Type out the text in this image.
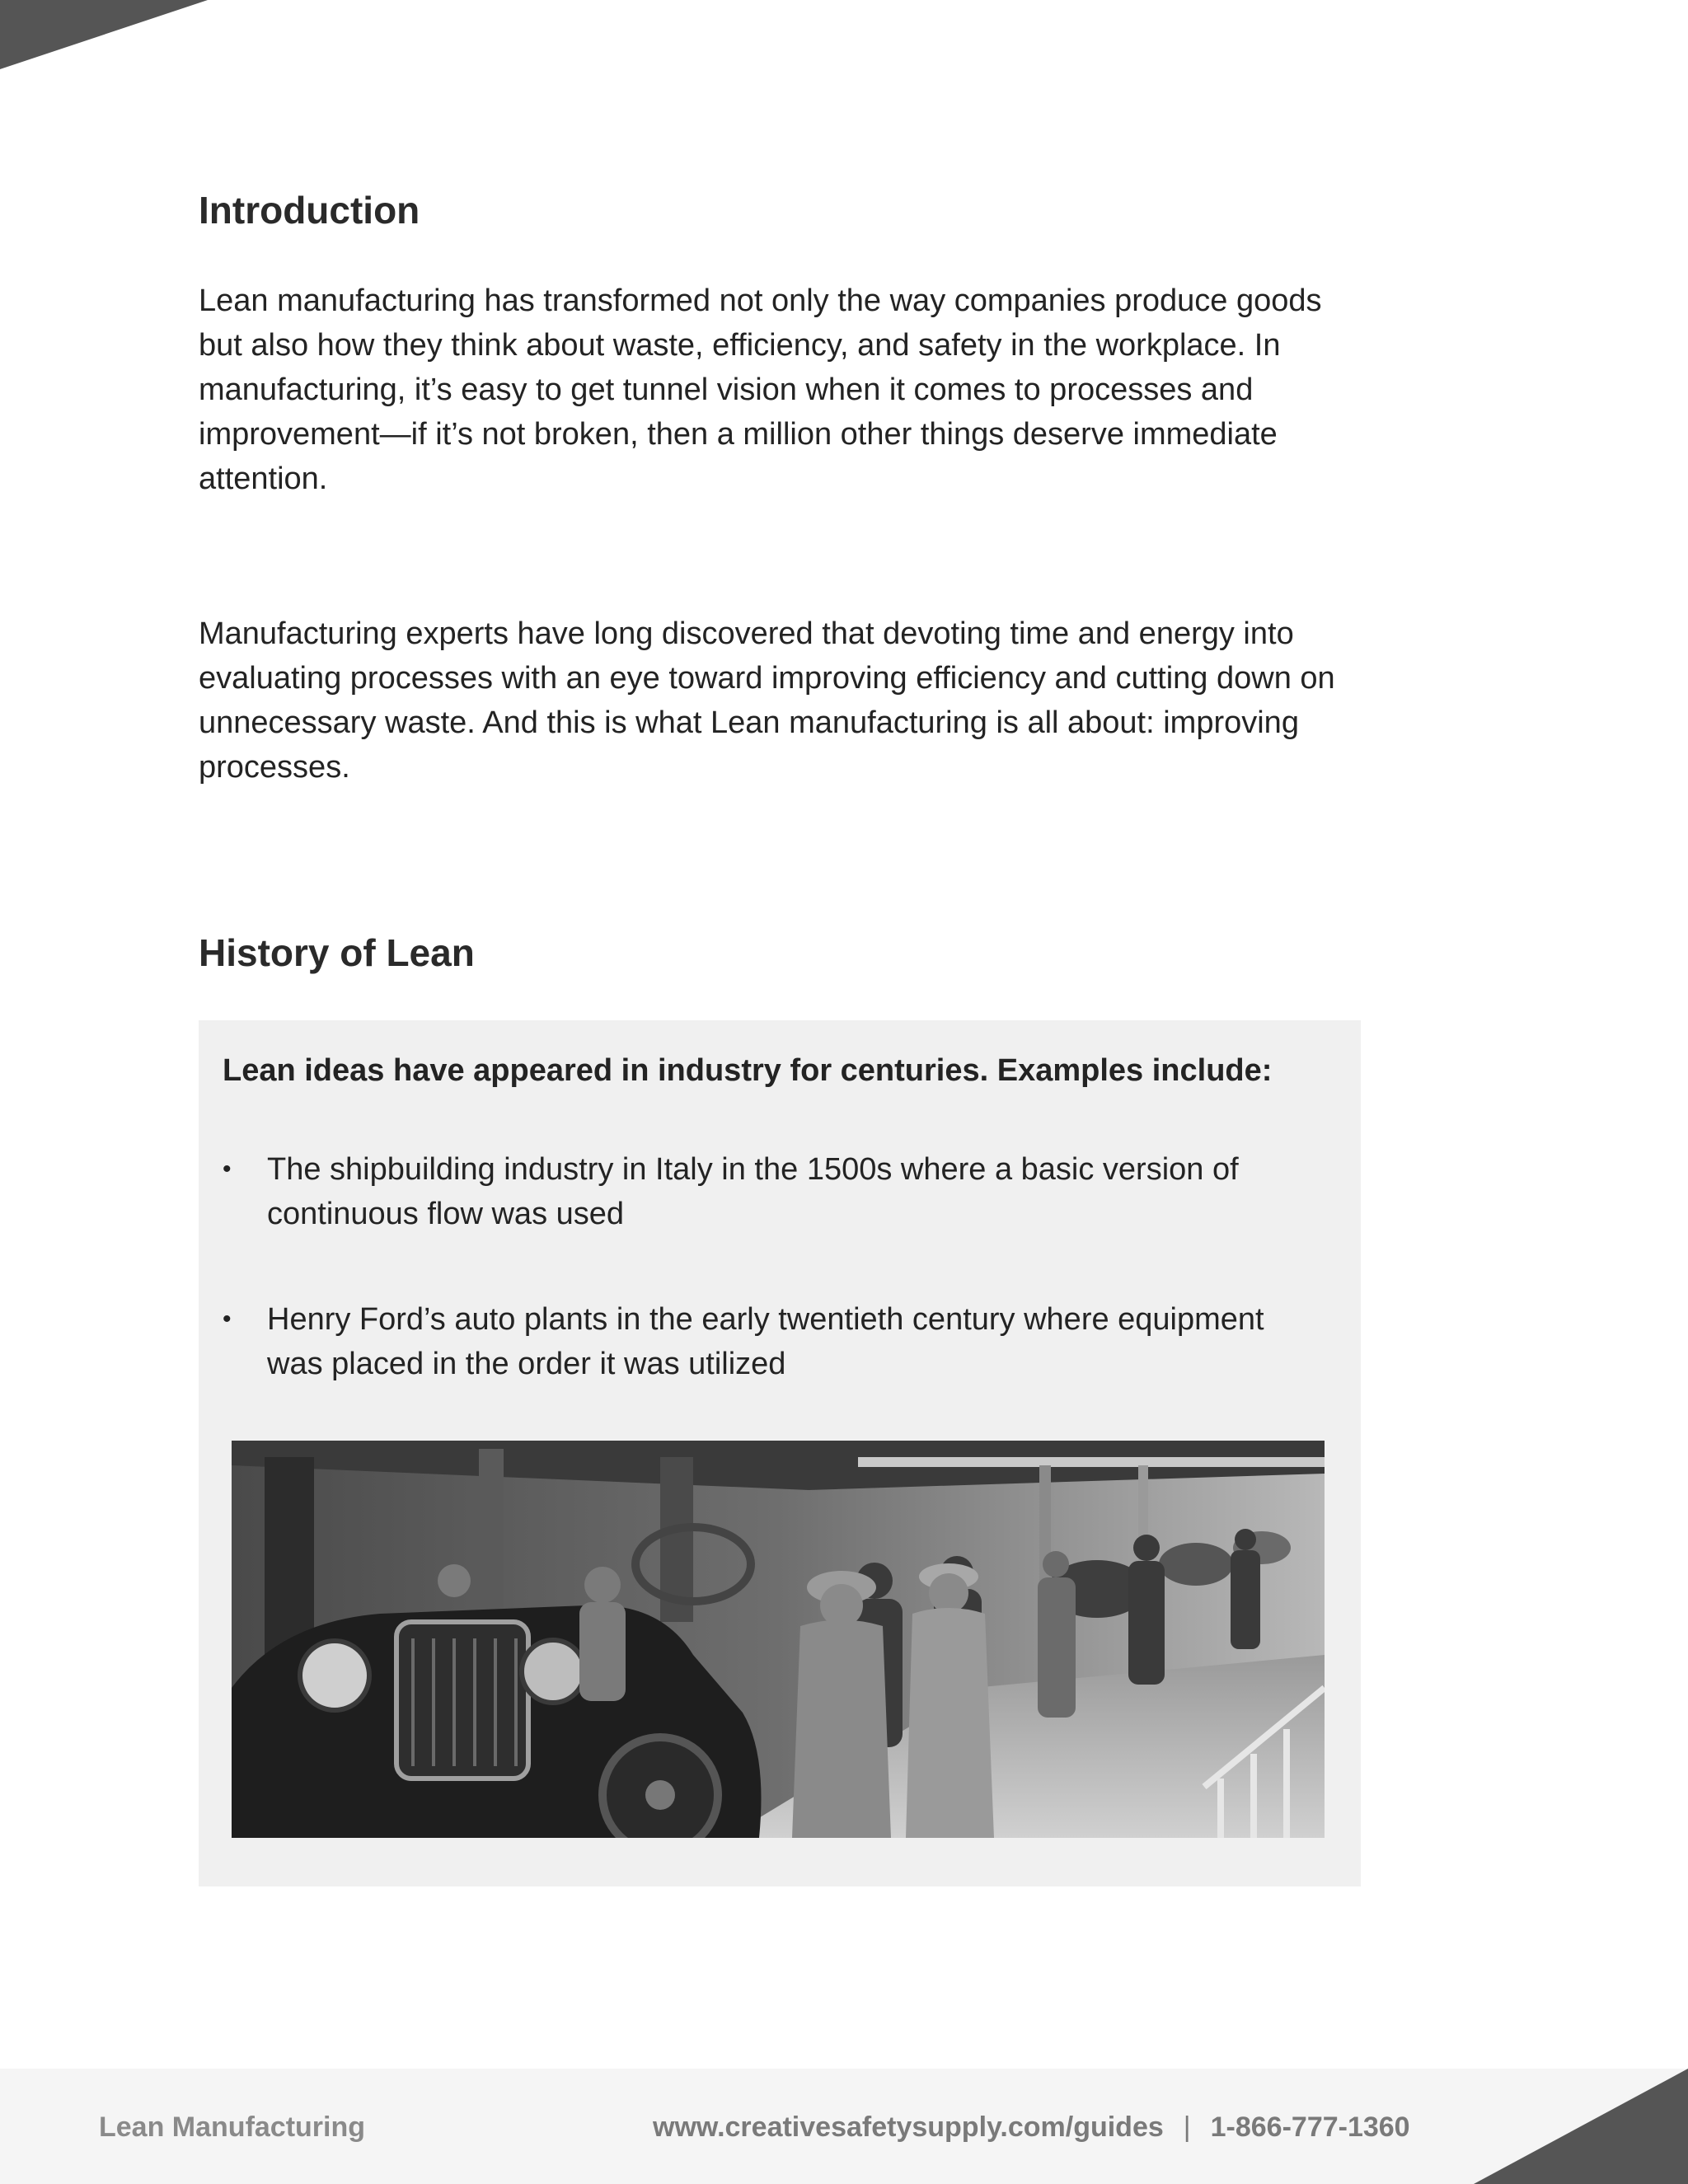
Introduction

Lean manufacturing has transformed not only the way companies produce goods but also how they think about waste, efficiency, and safety in the workplace. In manufacturing, it’s easy to get tunnel vision when it comes to processes and improvement—if it’s not broken, then a million other things deserve immediate attention.

Manufacturing experts have long discovered that devoting time and energy into evaluating processes with an eye toward improving efficiency and cutting down on unnecessary waste. And this is what Lean manufacturing is all about: improving processes.

History of Lean

Lean ideas have appeared in industry for centuries. Examples include:

• The shipbuilding industry in Italy in the 1500s where a basic version of continuous flow was used
• Henry Ford’s auto plants in the early twentieth century where equipment was placed in the order it was utilized
Lean Manufacturing	www.creativesafetysupply.com/guides | 1-866-777-1360
